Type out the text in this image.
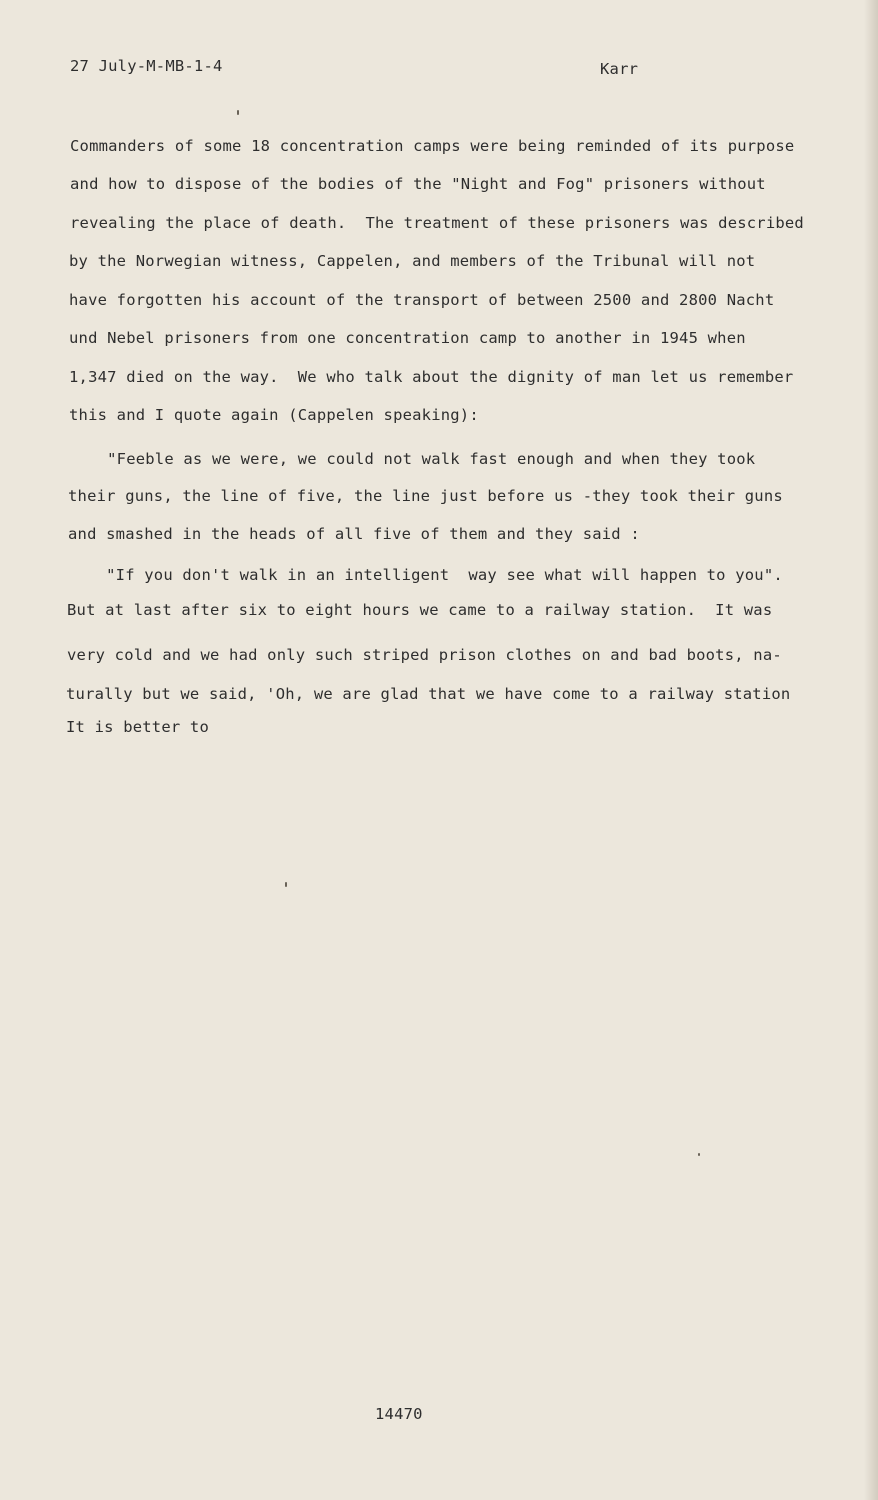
27 July-M-MB-1-4	Karr
Commanders of some 18 concentration camps were being reminded of its purpose
and how to dispose of the bodies of the "Night and Fog" prisoners without
revealing the place of death.  The treatment of these prisoners was described
by the Norwegian witness, Cappelen, and members of the Tribunal will not
have forgotten his account of the transport of between 2500 and 2800 Nacht
und Nebel prisoners from one concentration camp to another in 1945 when
1,347 died on the way.  We who talk about the dignity of man let us remember
this and I quote again (Cappelen speaking):
"Feeble as we were, we could not walk fast enough and when they took
their guns, the line of five, the line just before us -they took their guns
and smashed in the heads of all five of them and they said :
"If you don't walk in an intelligent  way see what will happen to you".
But at last after six to eight hours we came to a railway station.  It was
very cold and we had only such striped prison clothes on and bad boots, na-
turally but we said, 'Oh, we are glad that we have come to a railway station
It is better to
14470
